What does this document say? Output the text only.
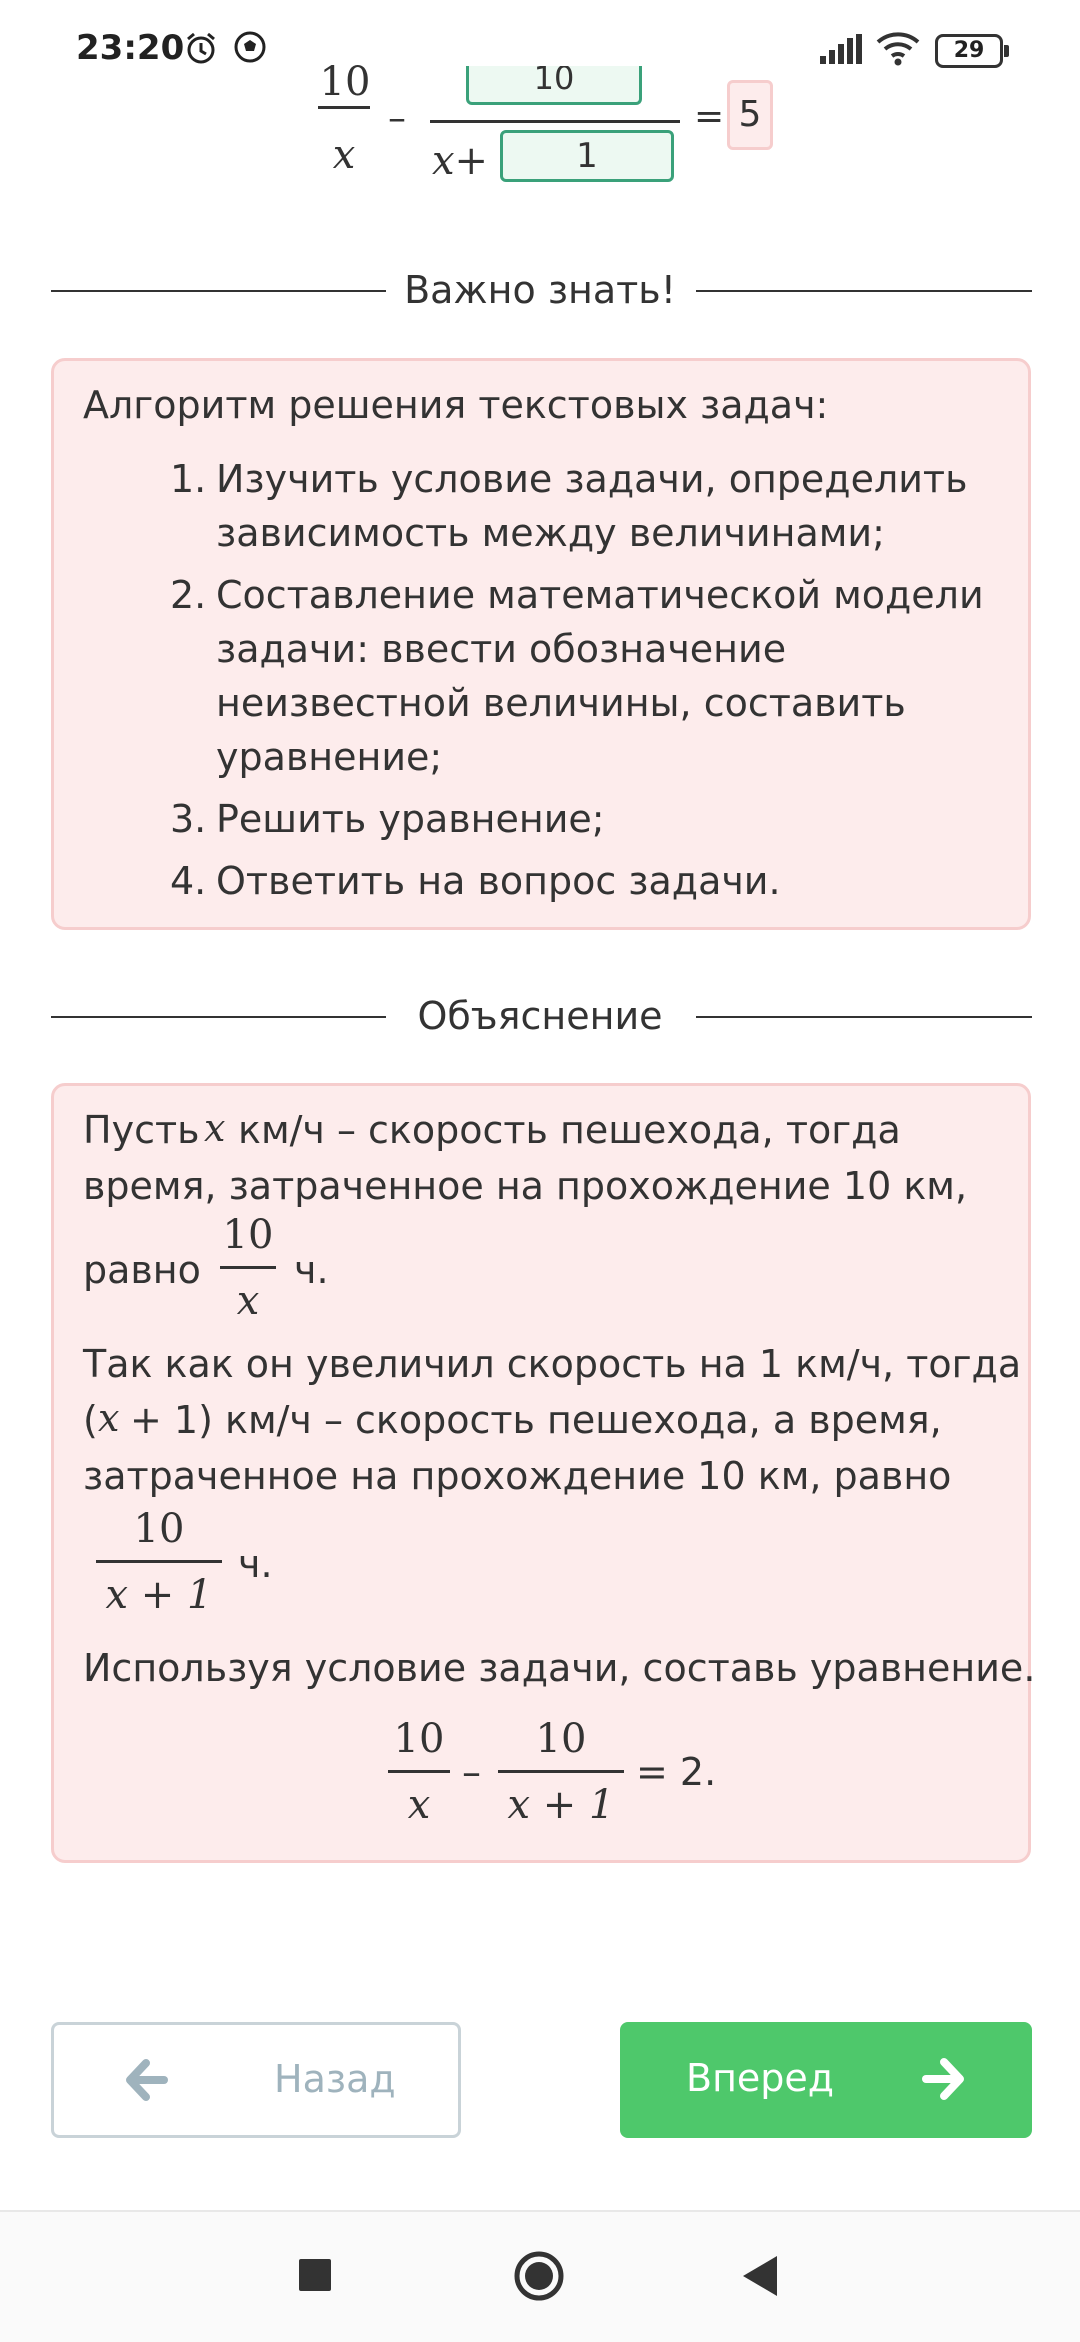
23:20	29
10
x
–
10
x+	1
= 5
Важно знать!
Алгоритм решения текстовых задач:
1. Изучить условие задачи, определить
зависимость между величинами;
2. Составление математической модели
задачи: ввести обозначение
неизвестной величины, составить
уравнение;
3. Решить уравнение;
4. Ответить на вопрос задачи.
Объяснение
Пусть x км/ч – скорость пешехода, тогда
время, затраченное на прохождение 10 км,
равно
10
x
ч.
Так как он увеличил скорость на 1 км/ч, тогда
( x + 1) км/ч – скорость пешехода, а время,
затраченное на прохождение 10 км, равно
10
x + 1
ч.
Используя условие задачи, составь уравнение.
10
x
–
10
x + 1
= 2.
Назад	Вперед
